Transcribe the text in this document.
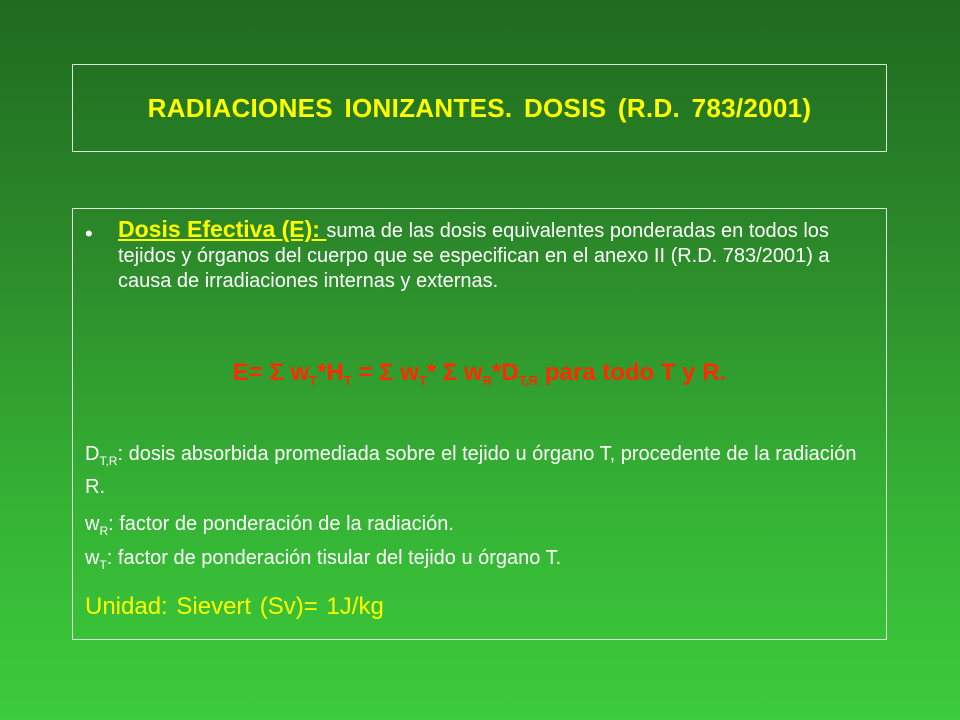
RADIACIONES IONIZANTES. DOSIS (R.D. 783/2001)
• Dosis Efectiva (E): suma de las dosis equivalentes ponderadas en todos los tejidos y órganos del cuerpo que se especifican en el anexo II (R.D. 783/2001) a causa de irradiaciones internas y externas.
E= Σ $w_T*H_T = \Sigma$ $w_T*$ Σ $w_R*D_{T,R}$ para todo T y R.
$D_{T,R}$: dosis absorbida promediada sobre el tejido u órgano T, procedente de la radiación R.
$w_R$: factor de ponderación de la radiación.
$w_T$: factor de ponderación tisular del tejido u órgano T.
Unidad: Sievert (Sv)= 1J/kg
